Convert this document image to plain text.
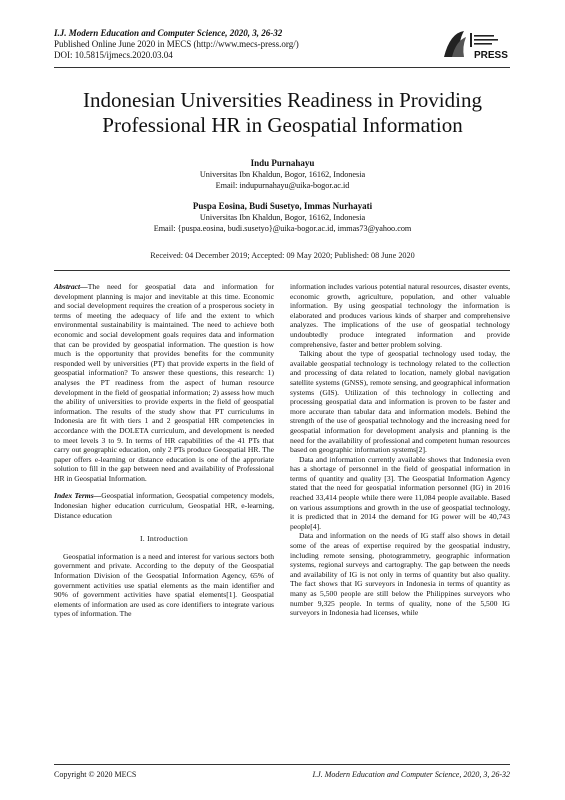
I.J. Modern Education and Computer Science, 2020, 3, 26-32
Published Online June 2020 in MECS (http://www.mecs-press.org/)
DOI: 10.5815/ijmecs.2020.03.04	PRESS
Indonesian Universities Readiness in Providing
Professional HR in Geospatial Information
Indu Purnahayu
Universitas Ibn Khaldun, Bogor, 16162, Indonesia
Email: indupurnahayu@uika-bogor.ac.id
Puspa Eosina, Budi Susetyo, Immas Nurhayati
Universitas Ibn Khaldun, Bogor, 16162, Indonesia
Email: {puspa.eosina, budi.susetyo}@uika-bogor.ac.id, immas73@yahoo.com
Received: 04 December 2019; Accepted: 09 May 2020; Published: 08 June 2020

Abstract—The need for geospatial data and information for development planning is major and inevitable at this time. Economic and social development requires the creation of a prosperous society in terms of meeting the adequacy of life and the extent to which environmental sustainability is maintained. The need to achieve both economic and social development goals requires data and information that can be provided by geospatial information. The question is how much is the opportunity that provides benefits for the community responded well by universities (PT) that provide experts in the field of geospatial information? To answer these questions, this research: 1) analyses the PT readiness from the aspect of human resource development in the field of geospatial information; 2) assess how much the ability of universities to provide experts in the field of geospatial information. The results of the study show that PT curriculums in Indonesia are fit with tiers 1 and 2 geospatial HR competencies in accordance with the DOLETA curriculum, and development is needed to meet levels 3 to 9. In terms of HR capabilities of the 41 PTs that carry out geographic education, only 2 PTs produce Geospatial HR. The paper offers e-learning or distance education is one of the approriate solution to fill in the gap between need and availability of Professional HR in Geospatial Information.

Index Terms—Geospatial information, Geospatial competency models, Indonesian higher education curriculum, Geospatial HR, e-learning, Distance education

I. Introduction

Geospatial information is a need and interest for various sectors both government and private. According to the deputy of the Geospatial Information Division of the Geospatial Information Agency, 65% of government activities use spatial elements as the main identifier and 90% of government activities have spatial elements[1]. Geospatial elements of information are used as core identifiers to integrate various types of information. The

information includes various potential natural resources, disaster events, economic growth, agriculture, population, and other valuable information. By using geospatial technology the information is elaborated and produces various kinds of sharper and comprehensive analyzes. The implications of the use of geospatial technology undoubtedly produce integrated information and provide comprehensive, faster and better problem solving.

Talking about the type of geospatial technology used today, the available geospatial technology is technology related to the collection and processing of data related to location, namely global navigation satellite systems (GNSS), remote sensing, and geographical information systems (GIS). Utilization of this technology in collecting and processing geospatial data and information is proven to be faster and more accurate than tabular data and information models. Behind the strength of the use of geospatial technology and the increasing need for geospatial information for development analysis and planning is the need for the availability of professional and competent human resources based on geographic information systems[2].

Data and information currently available shows that Indonesia even has a shortage of personnel in the field of geospatial information in terms of quantity and quality [3]. The Geospatial Information Agency stated that the need for geospatial information personnel (IG) in 2016 reached 33,414 people while there were 11,084 people available. Based on various assumptions and growth in the use of geospatial technology, it is predicted that in 2014 the demand for IG power will be 40,743 people[4].

Data and information on the needs of IG staff also shows in detail some of the areas of expertise required by the geospatial industry, including remote sensing, photogrammetry, geographic information systems, regional surveys and cartography. The gap between the needs and availability of IG is not only in terms of quantity but also quality. The fact shows that IG surveyors in Indonesia in terms of quantity as many as 5,500 people are still below the Philippines surveyors who number 9,325 people. In terms of quality, none of the 5,500 IG surveyors in Indonesia had licenses, while

Copyright © 2020 MECS	I.J. Modern Education and Computer Science, 2020, 3, 26-32
